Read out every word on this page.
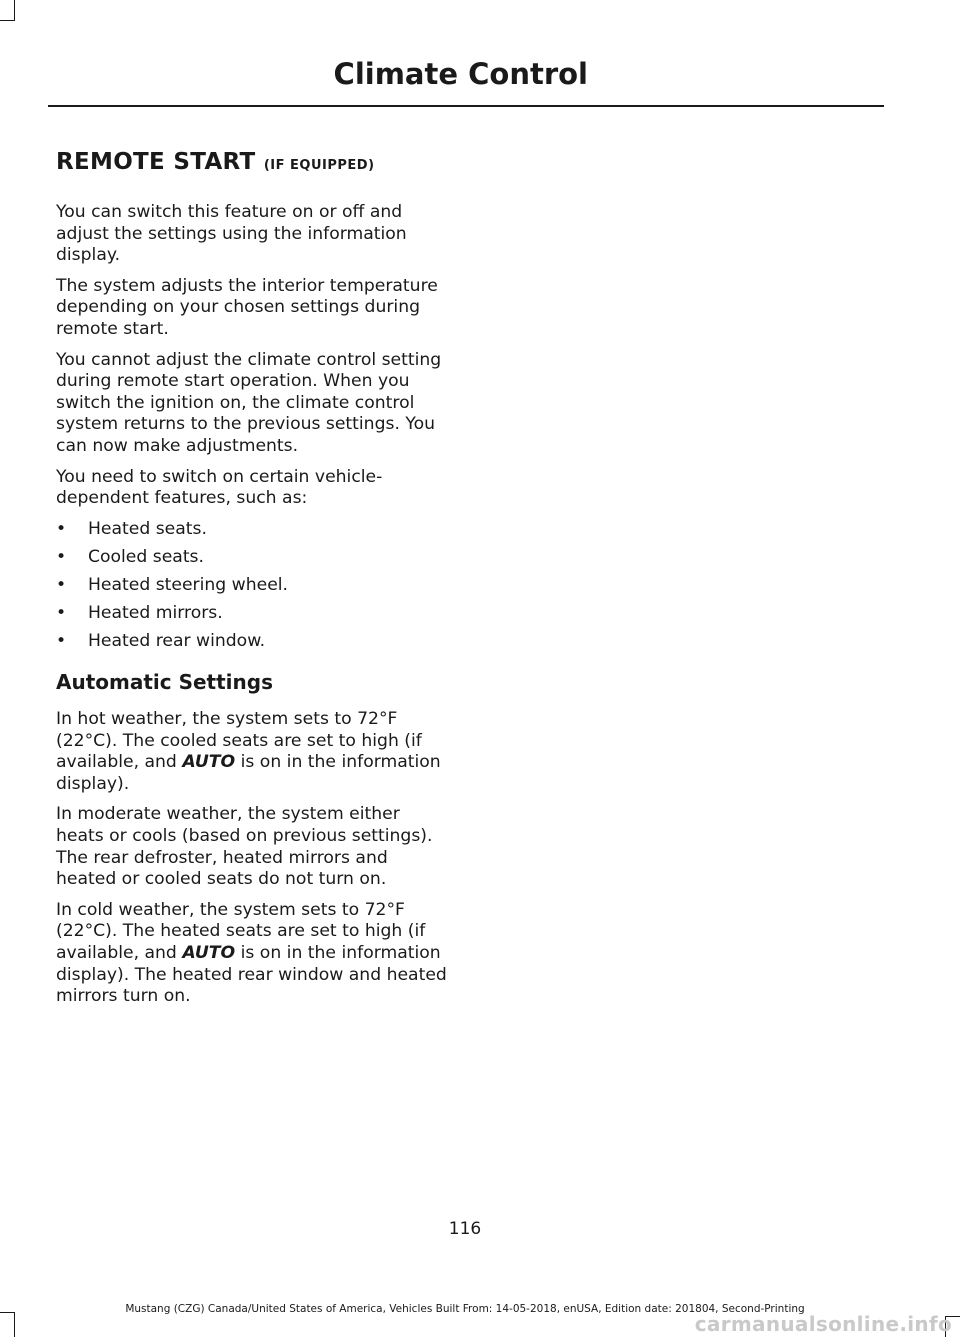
Climate Control
REMOTE START (IF EQUIPPED)

You can switch this feature on or off and adjust the settings using the information display.

The system adjusts the interior temperature depending on your chosen settings during remote start.

You cannot adjust the climate control setting during remote start operation. When you switch the ignition on, the climate control system returns to the previous settings. You can now make adjustments.

You need to switch on certain vehicle-dependent features, such as:

• Heated seats.
• Cooled seats.
• Heated steering wheel.
• Heated mirrors.
• Heated rear window.
Automatic Settings

In hot weather, the system sets to 72°F (22°C). The cooled seats are set to high (if available, and AUTO is on in the information display).

In moderate weather, the system either heats or cools (based on previous settings). The rear defroster, heated mirrors and heated or cooled seats do not turn on.

In cold weather, the system sets to 72°F (22°C). The heated seats are set to high (if available, and AUTO is on in the information display). The heated rear window and heated mirrors turn on.

116
Mustang (CZG) Canada/United States of America, Vehicles Built From: 14-05-2018, enUSA, Edition date: 201804, Second-Printing
carmanualsonline.info
